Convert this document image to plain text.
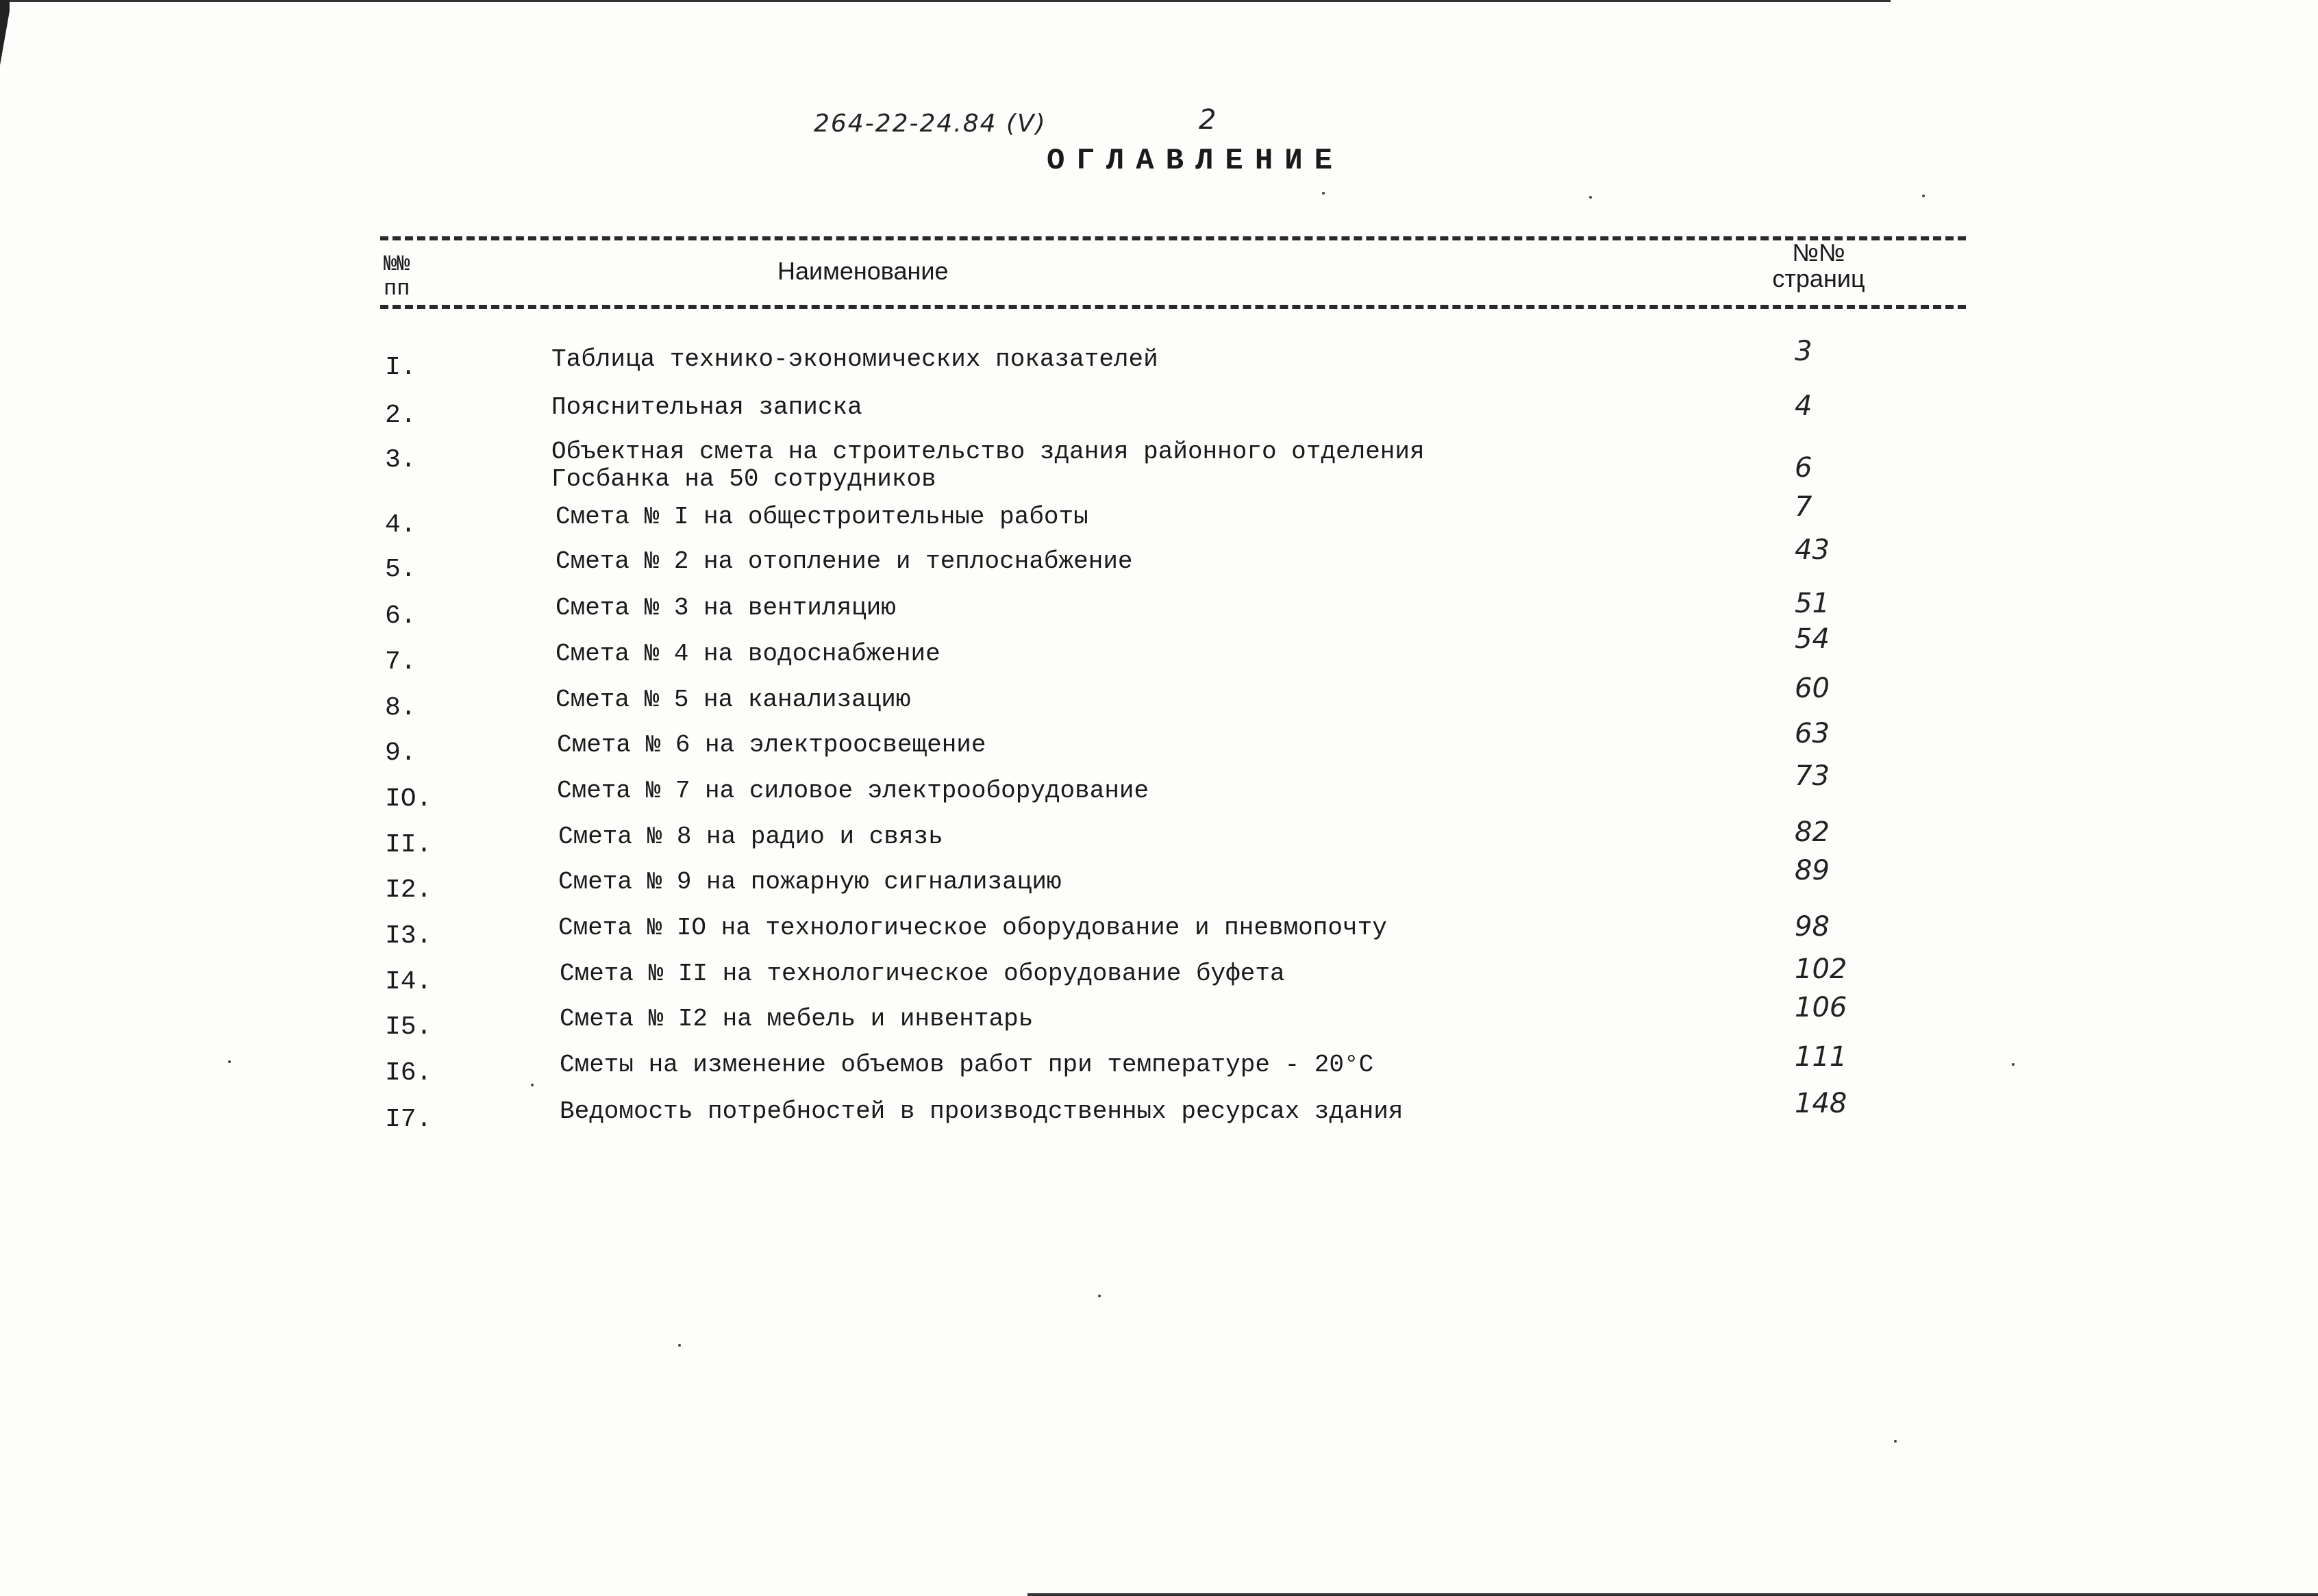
264-22-24.84 (V)	2
ОГЛАВЛЕНИЕ
№№ пп
Наименование
№№ страниц
I.	Таблица технико-экономических показателей	3
2.	Пояснительная записка	4
3.	Объектная смета на строительство здания районного отделения
Госбанка на 50 сотрудников	6
4.	Смета № I на общестроительные работы	7
5.	Смета № 2 на отопление и теплоснабжение	43
6.	Смета № 3 на вентиляцию	51
7.	Смета № 4 на водоснабжение	54
8.	Смета № 5 на канализацию	60
9.	Смета № 6 на электроосвещение	63
IO.	Смета № 7 на силовое электрооборудование	73
II.	Смета № 8 на радио и связь	82
I2.	Смета № 9 на пожарную сигнализацию	89
I3.	Смета № IO на технологическое оборудование и пневмопочту	98
I4.	Смета № II на технологическое оборудование буфета	102
I5.	Смета № I2 на мебель и инвентарь	106
I6.	Сметы на изменение объемов работ при температуре - 20°С	111
I7.	Ведомость потребностей в производственных ресурсах здания	148
